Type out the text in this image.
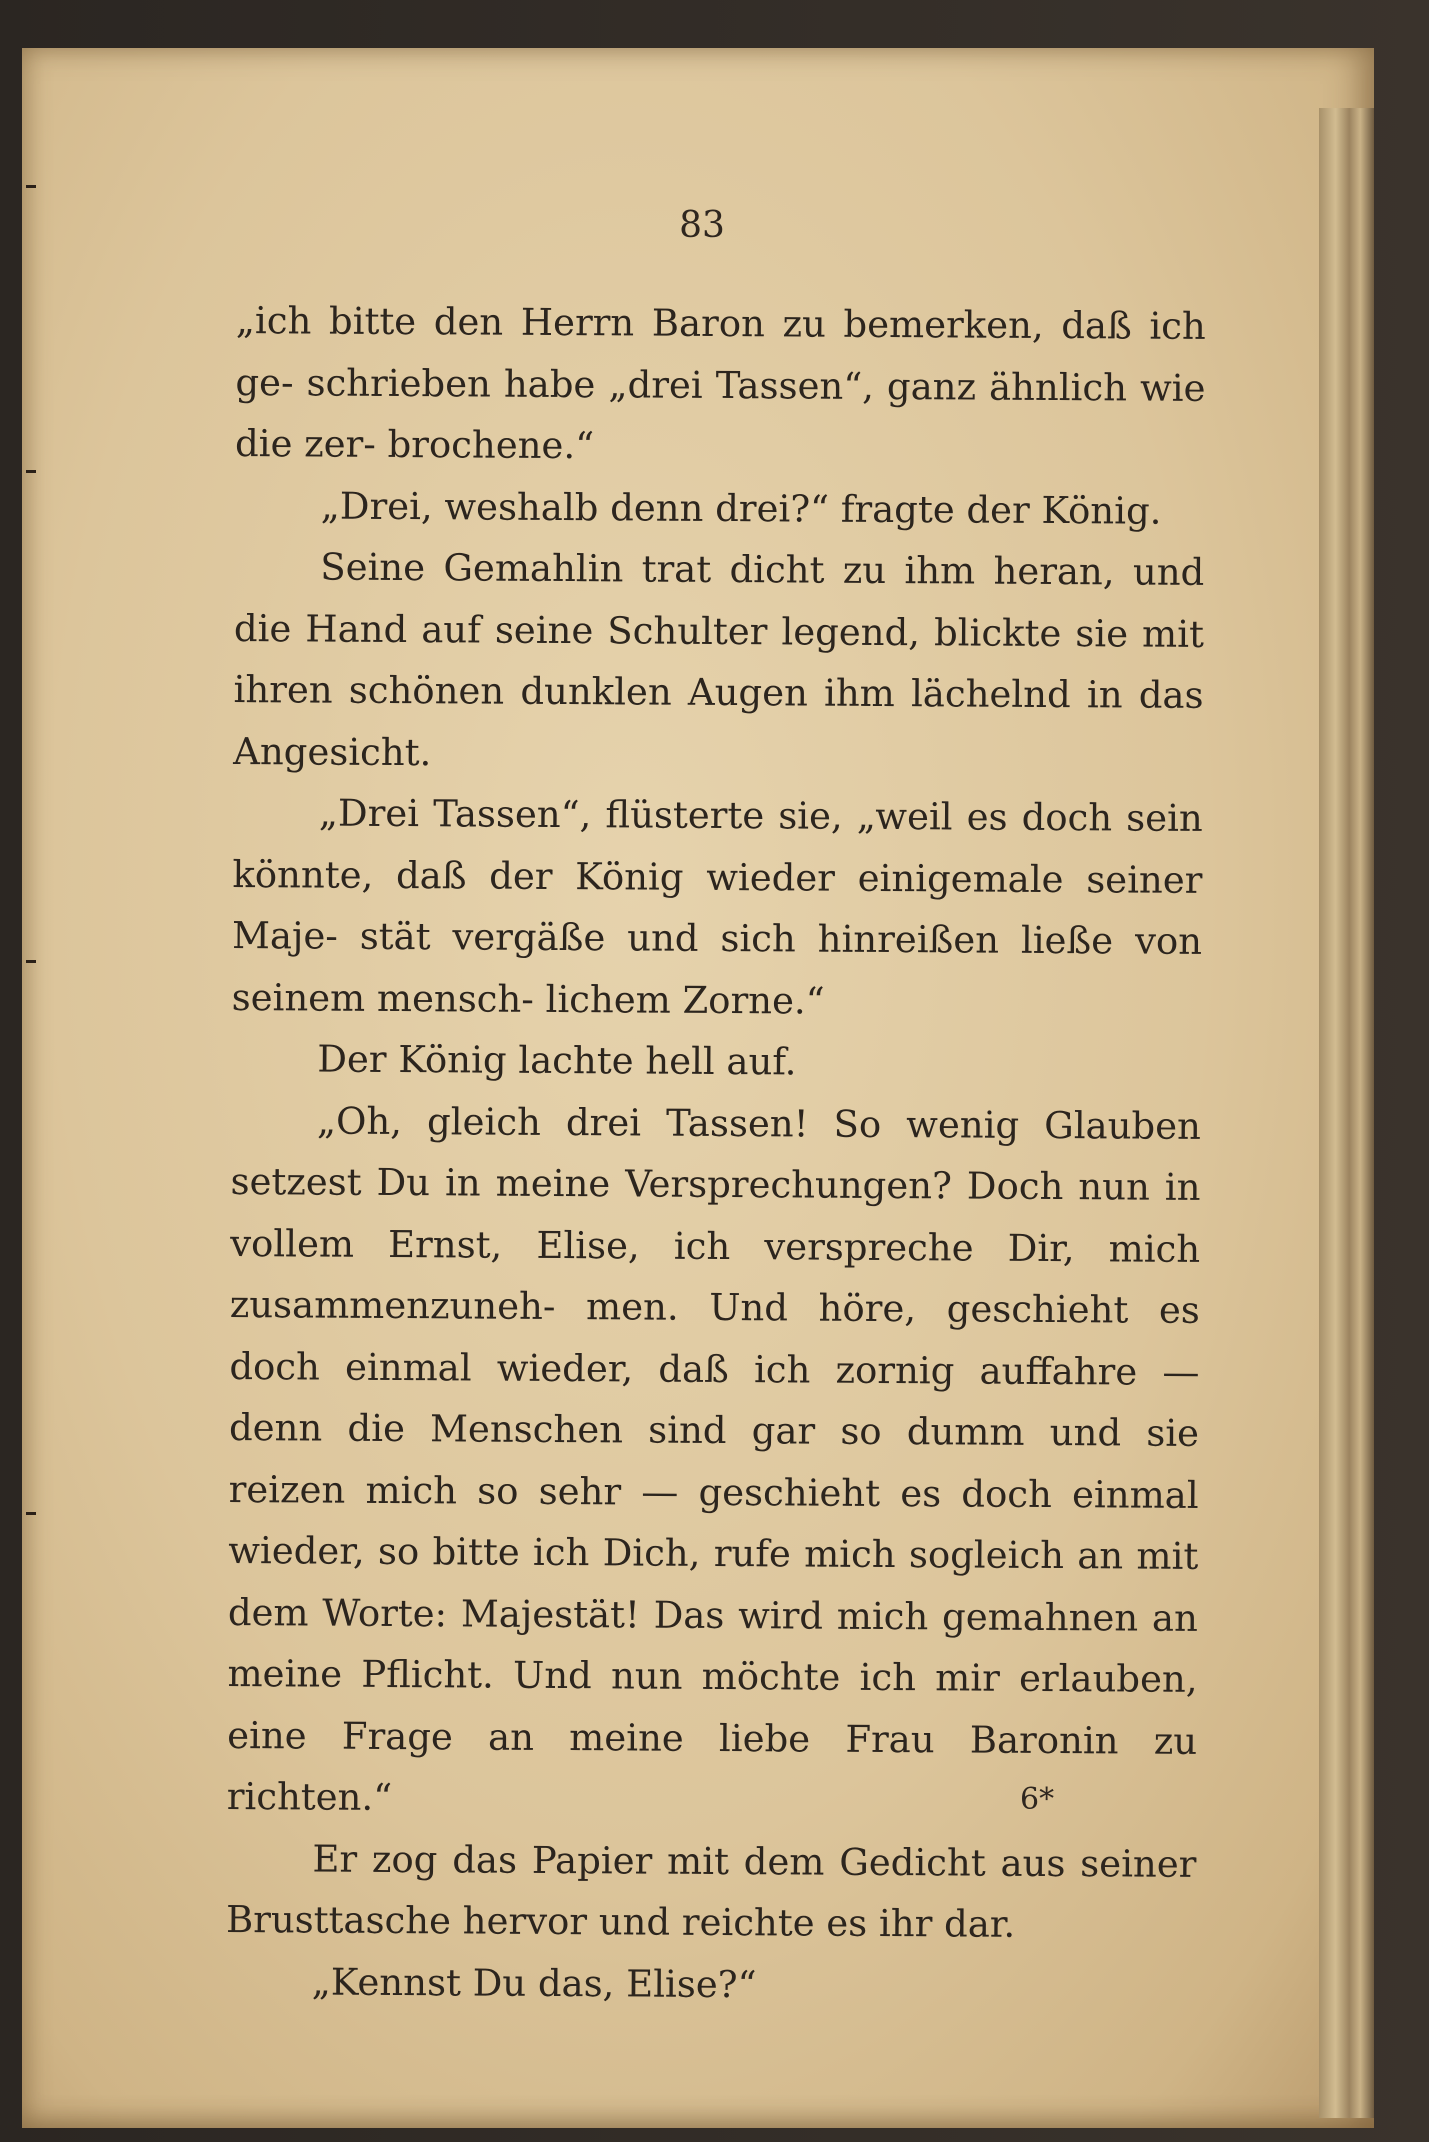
83

„ich bitte den Herrn Baron zu bemerken, daß ich ge- schrieben habe „drei Tassen“, ganz ähnlich wie die zer- brochene.“

„Drei, weshalb denn drei?“ fragte der König.

Seine Gemahlin trat dicht zu ihm heran, und die Hand auf seine Schulter legend, blickte sie mit ihren schönen dunklen Augen ihm lächelnd in das Angesicht.

„Drei Tassen“, flüsterte sie, „weil es doch sein könnte, daß der König wieder einigemale seiner Maje- stät vergäße und sich hinreißen ließe von seinem mensch- lichem Zorne.“

Der König lachte hell auf.

„Oh, gleich drei Tassen! So wenig Glauben setzest Du in meine Versprechungen? Doch nun in vollem Ernst, Elise, ich verspreche Dir, mich zusammenzuneh- men. Und höre, geschieht es doch einmal wieder, daß ich zornig auffahre — denn die Menschen sind gar so dumm und sie reizen mich so sehr — geschieht es doch einmal wieder, so bitte ich Dich, rufe mich sogleich an mit dem Worte: Majestät! Das wird mich gemahnen an meine Pflicht. Und nun möchte ich mir erlauben, eine Frage an meine liebe Frau Baronin zu richten.“

Er zog das Papier mit dem Gedicht aus seiner Brusttasche hervor und reichte es ihr dar.

„Kennst Du das, Elise?“

6*
